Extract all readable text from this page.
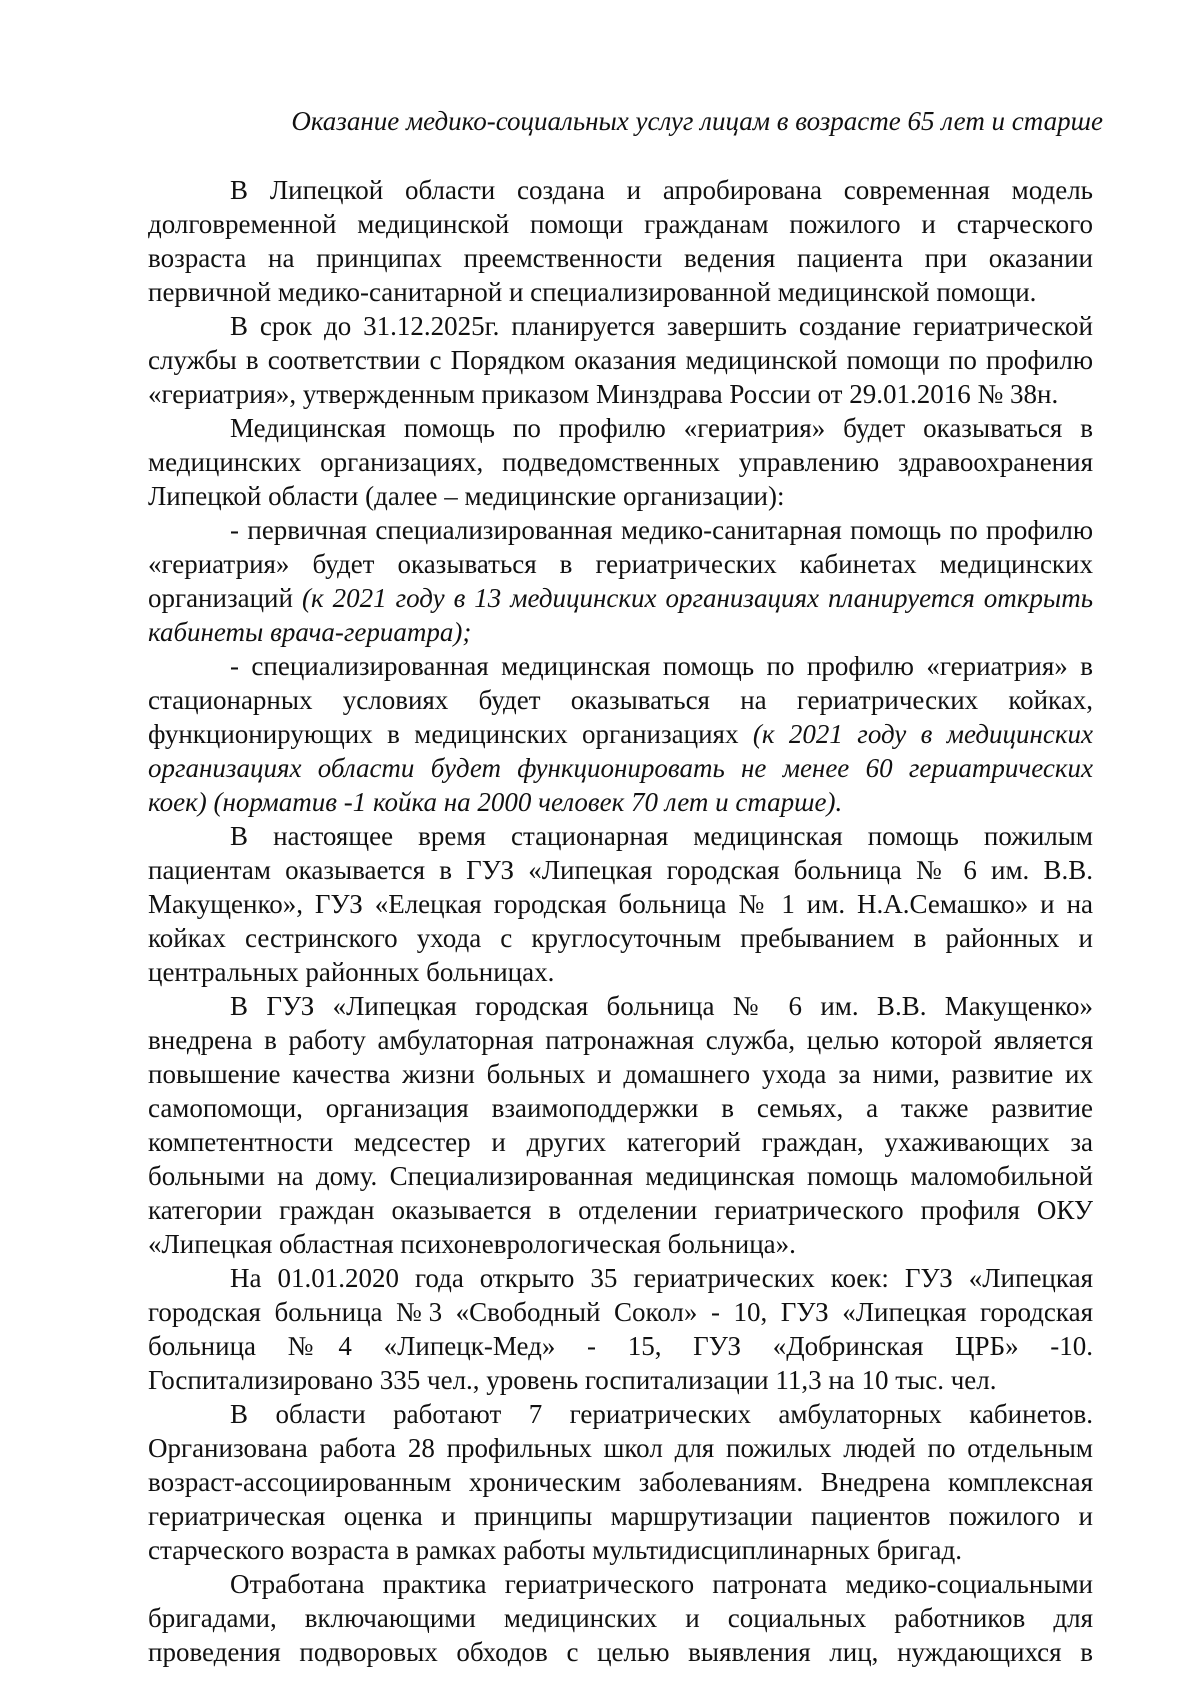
Оказание медико-социальных услуг лицам в возрасте 65 лет и старше
В Липецкой области создана и апробирована современная модель
долговременной медицинской помощи гражданам пожилого и старческого
возраста на принципах преемственности ведения пациента при оказании
первичной медико-санитарной и специализированной медицинской помощи.
В срок до 31.12.2025г. планируется завершить создание гериатрической
службы в соответствии с Порядком оказания медицинской помощи по профилю
«гериатрия», утвержденным приказом Минздрава России от 29.01.2016 № 38н.
Медицинская помощь по профилю «гериатрия» будет оказываться в
медицинских организациях, подведомственных управлению здравоохранения
Липецкой области (далее – медицинские организации):
- первичная специализированная медико-санитарная помощь по профилю
«гериатрия» будет оказываться в гериатрических кабинетах медицинских
организаций (к 2021 году в 13 медицинских организациях планируется открыть
кабинеты врача-гериатра);
- специализированная медицинская помощь по профилю «гериатрия» в
стационарных условиях будет оказываться на гериатрических койках,
функционирующих в медицинских организациях (к 2021 году в медицинских
организациях области будет функционировать не менее 60 гериатрических
коек) (норматив -1 койка на 2000 человек 70 лет и старше).
В настоящее время стационарная медицинская помощь пожилым
пациентам оказывается в ГУЗ «Липецкая городская больница № 6 им. В.В.
Макущенко», ГУЗ «Елецкая городская больница № 1 им. Н.А.Семашко» и на
койках сестринского ухода с круглосуточным пребыванием в районных и
центральных районных больницах.
В ГУЗ «Липецкая городская больница № 6 им. В.В. Макущенко»
внедрена в работу амбулаторная патронажная служба, целью которой является
повышение качества жизни больных и домашнего ухода за ними, развитие их
самопомощи, организация взаимоподдержки в семьях, а также развитие
компетентности медсестер и других категорий граждан, ухаживающих за
больными на дому. Специализированная медицинская помощь маломобильной
категории граждан оказывается в отделении гериатрического профиля ОКУ
«Липецкая областная психоневрологическая больница».
На 01.01.2020 года открыто 35 гериатрических коек: ГУЗ «Липецкая
городская больница №3 «Свободный Сокол» - 10, ГУЗ «Липецкая городская
больница №4 «Липецк-Мед» - 15, ГУЗ «Добринская ЦРБ» -10.
Госпитализировано 335 чел., уровень госпитализации 11,3 на 10 тыс. чел.
В области работают 7 гериатрических амбулаторных кабинетов.
Организована работа 28 профильных школ для пожилых людей по отдельным
возраст-ассоциированным хроническим заболеваниям. Внедрена комплексная
гериатрическая оценка и принципы маршрутизации пациентов пожилого и
старческого возраста в рамках работы мультидисциплинарных бригад.
Отработана практика гериатрического патроната медико-социальными
бригадами, включающими медицинских и социальных работников для
проведения подворовых обходов с целью выявления лиц, нуждающихся в
